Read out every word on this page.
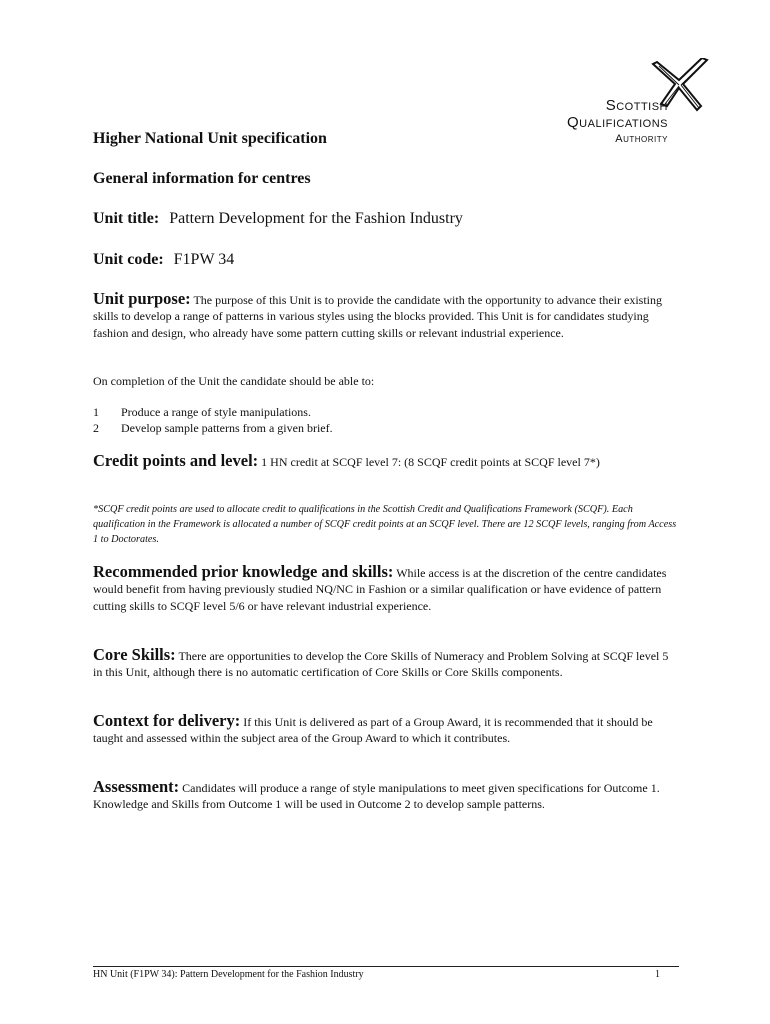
Scottish
Qualifications
Authority
Higher National Unit specification
General information for centres
Unit title: Pattern Development for the Fashion Industry
Unit code: F1PW 34
Unit purpose: The purpose of this Unit is to provide the candidate with the opportunity to advance their existing skills to develop a range of patterns in various styles using the blocks provided. This Unit is for candidates studying fashion and design, who already have some pattern cutting skills or relevant industrial experience.
On completion of the Unit the candidate should be able to:
1	Produce a range of style manipulations.
2	Develop sample patterns from a given brief.
Credit points and level: 1 HN credit at SCQF level 7: (8 SCQF credit points at SCQF level 7*)
*SCQF credit points are used to allocate credit to qualifications in the Scottish Credit and Qualifications Framework (SCQF). Each qualification in the Framework is allocated a number of SCQF credit points at an SCQF level. There are 12 SCQF levels, ranging from Access 1 to Doctorates.
Recommended prior knowledge and skills: While access is at the discretion of the centre candidates would benefit from having previously studied NQ/NC in Fashion or a similar qualification or have evidence of pattern cutting skills to SCQF level 5/6 or have relevant industrial experience.
Core Skills: There are opportunities to develop the Core Skills of Numeracy and Problem Solving at SCQF level 5 in this Unit, although there is no automatic certification of Core Skills or Core Skills components.
Context for delivery: If this Unit is delivered as part of a Group Award, it is recommended that it should be taught and assessed within the subject area of the Group Award to which it contributes.
Assessment: Candidates will produce a range of style manipulations to meet given specifications for Outcome 1. Knowledge and Skills from Outcome 1 will be used in Outcome 2 to develop sample patterns.
HN Unit (F1PW 34): Pattern Development for the Fashion Industry	1
